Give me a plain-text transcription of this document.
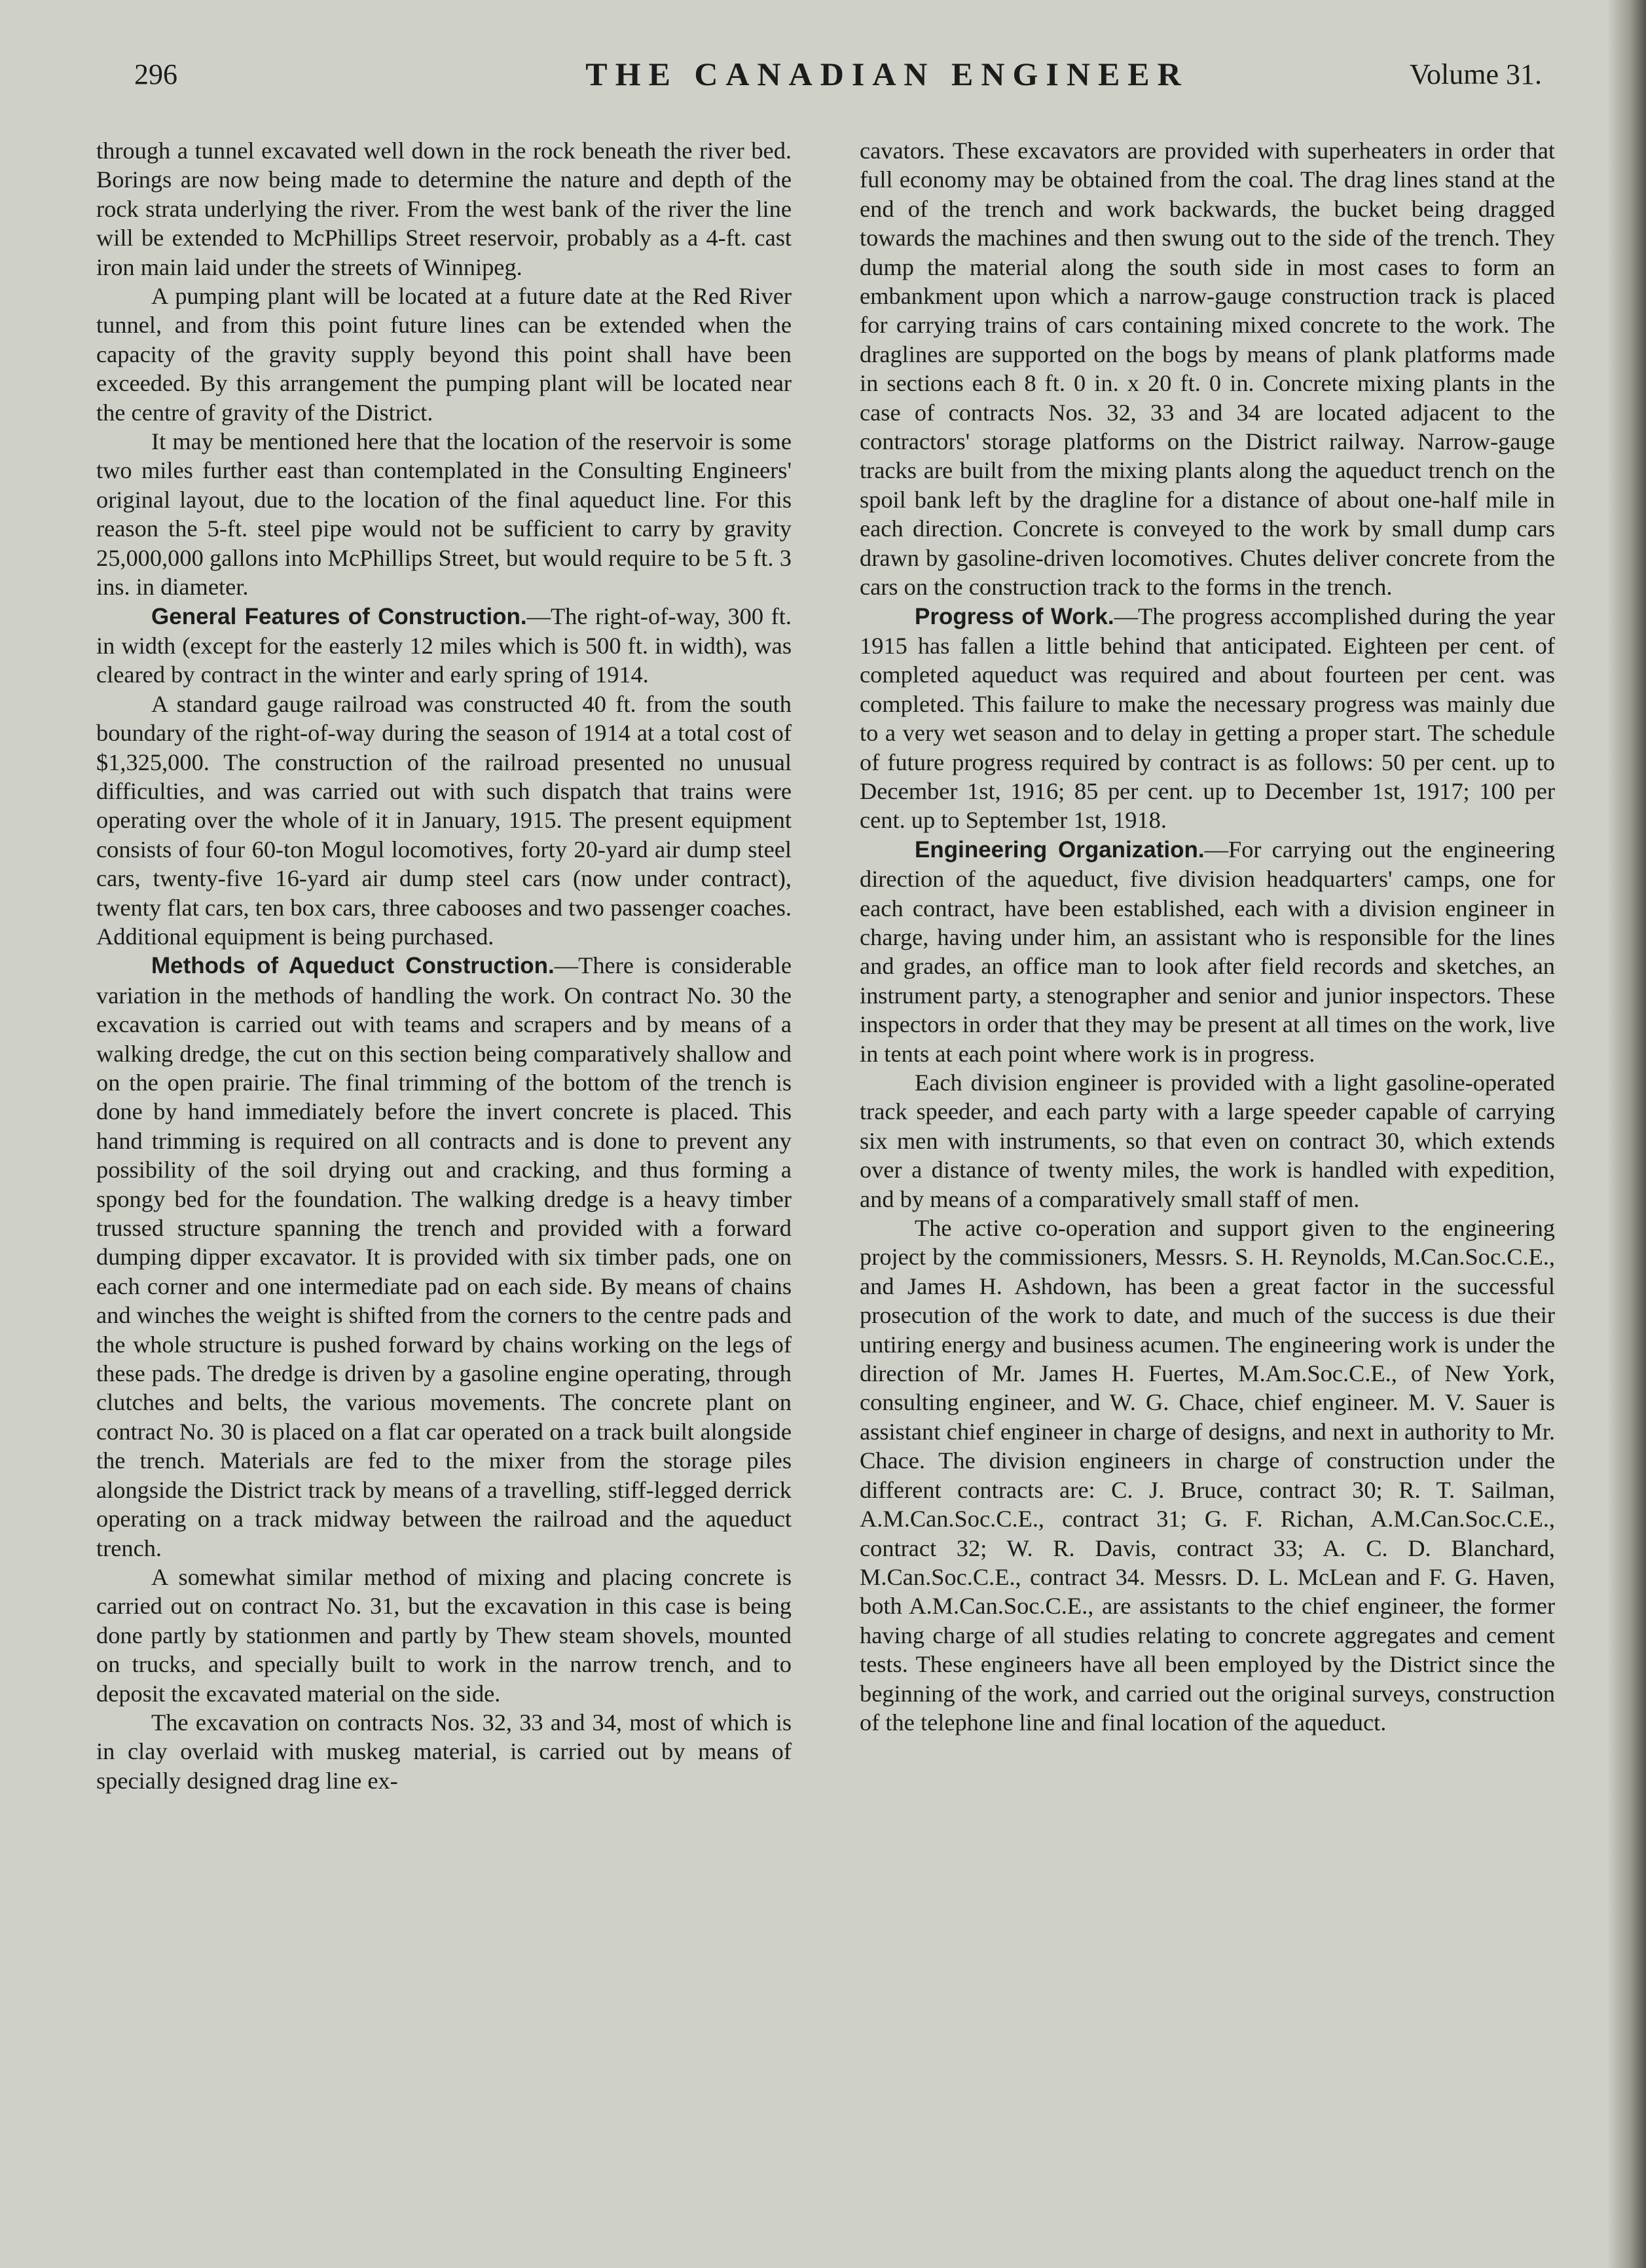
296	THE CANADIAN ENGINEER	Volume 31.

through a tunnel excavated well down in the rock beneath the river bed. Borings are now being made to determine the nature and depth of the rock strata underlying the river. From the west bank of the river the line will be extended to McPhillips Street reservoir, probably as a 4-ft. cast iron main laid under the streets of Winnipeg.

A pumping plant will be located at a future date at the Red River tunnel, and from this point future lines can be extended when the capacity of the gravity supply beyond this point shall have been exceeded. By this arrangement the pumping plant will be located near the centre of gravity of the District.

It may be mentioned here that the location of the reservoir is some two miles further east than contemplated in the Consulting Engineers' original layout, due to the location of the final aqueduct line. For this reason the 5-ft. steel pipe would not be sufficient to carry by gravity 25,000,000 gallons into McPhillips Street, but would require to be 5 ft. 3 ins. in diameter.

General Features of Construction.—The right-of-way, 300 ft. in width (except for the easterly 12 miles which is 500 ft. in width), was cleared by contract in the winter and early spring of 1914.

A standard gauge railroad was constructed 40 ft. from the south boundary of the right-of-way during the season of 1914 at a total cost of $1,325,000. The construction of the railroad presented no unusual difficulties, and was carried out with such dispatch that trains were operating over the whole of it in January, 1915. The present equipment consists of four 60-ton Mogul locomotives, forty 20-yard air dump steel cars, twenty-five 16-yard air dump steel cars (now under contract), twenty flat cars, ten box cars, three cabooses and two passenger coaches. Additional equipment is being purchased.

Methods of Aqueduct Construction.—There is considerable variation in the methods of handling the work. On contract No. 30 the excavation is carried out with teams and scrapers and by means of a walking dredge, the cut on this section being comparatively shallow and on the open prairie. The final trimming of the bottom of the trench is done by hand immediately before the invert concrete is placed. This hand trimming is required on all contracts and is done to prevent any possibility of the soil drying out and cracking, and thus forming a spongy bed for the foundation. The walking dredge is a heavy timber trussed structure spanning the trench and provided with a forward dumping dipper excavator. It is provided with six timber pads, one on each corner and one intermediate pad on each side. By means of chains and winches the weight is shifted from the corners to the centre pads and the whole structure is pushed forward by chains working on the legs of these pads. The dredge is driven by a gasoline engine operating, through clutches and belts, the various movements. The concrete plant on contract No. 30 is placed on a flat car operated on a track built alongside the trench. Materials are fed to the mixer from the storage piles alongside the District track by means of a travelling, stiff-legged derrick operating on a track midway between the railroad and the aqueduct trench.

A somewhat similar method of mixing and placing concrete is carried out on contract No. 31, but the excavation in this case is being done partly by stationmen and partly by Thew steam shovels, mounted on trucks, and specially built to work in the narrow trench, and to deposit the excavated material on the side.

The excavation on contracts Nos. 32, 33 and 34, most of which is in clay overlaid with muskeg material, is carried out by means of specially designed drag line ex-

cavators. These excavators are provided with superheaters in order that full economy may be obtained from the coal. The drag lines stand at the end of the trench and work backwards, the bucket being dragged towards the machines and then swung out to the side of the trench. They dump the material along the south side in most cases to form an embankment upon which a narrow-gauge construction track is placed for carrying trains of cars containing mixed concrete to the work. The draglines are supported on the bogs by means of plank platforms made in sections each 8 ft. 0 in. x 20 ft. 0 in. Concrete mixing plants in the case of contracts Nos. 32, 33 and 34 are located adjacent to the contractors' storage platforms on the District railway. Narrow-gauge tracks are built from the mixing plants along the aqueduct trench on the spoil bank left by the dragline for a distance of about one-half mile in each direction. Concrete is conveyed to the work by small dump cars drawn by gasoline-driven locomotives. Chutes deliver concrete from the cars on the construction track to the forms in the trench.

Progress of Work.—The progress accomplished during the year 1915 has fallen a little behind that anticipated. Eighteen per cent. of completed aqueduct was required and about fourteen per cent. was completed. This failure to make the necessary progress was mainly due to a very wet season and to delay in getting a proper start. The schedule of future progress required by contract is as follows: 50 per cent. up to December 1st, 1916; 85 per cent. up to December 1st, 1917; 100 per cent. up to September 1st, 1918.

Engineering Organization.—For carrying out the engineering direction of the aqueduct, five division headquarters' camps, one for each contract, have been established, each with a division engineer in charge, having under him, an assistant who is responsible for the lines and grades, an office man to look after field records and sketches, an instrument party, a stenographer and senior and junior inspectors. These inspectors in order that they may be present at all times on the work, live in tents at each point where work is in progress.

Each division engineer is provided with a light gasoline-operated track speeder, and each party with a large speeder capable of carrying six men with instruments, so that even on contract 30, which extends over a distance of twenty miles, the work is handled with expedition, and by means of a comparatively small staff of men.

The active co-operation and support given to the engineering project by the commissioners, Messrs. S. H. Reynolds, M.Can.Soc.C.E., and James H. Ashdown, has been a great factor in the successful prosecution of the work to date, and much of the success is due their untiring energy and business acumen. The engineering work is under the direction of Mr. James H. Fuertes, M.Am.Soc.C.E., of New York, consulting engineer, and W. G. Chace, chief engineer. M. V. Sauer is assistant chief engineer in charge of designs, and next in authority to Mr. Chace. The division engineers in charge of construction under the different contracts are: C. J. Bruce, contract 30; R. T. Sailman, A.M.Can.Soc.C.E., contract 31; G. F. Richan, A.M.Can.Soc.C.E., contract 32; W. R. Davis, contract 33; A. C. D. Blanchard, M.Can.Soc.C.E., contract 34. Messrs. D. L. McLean and F. G. Haven, both A.M.Can.Soc.C.E., are assistants to the chief engineer, the former having charge of all studies relating to concrete aggregates and cement tests. These engineers have all been employed by the District since the beginning of the work, and carried out the original surveys, construction of the telephone line and final location of the aqueduct.
